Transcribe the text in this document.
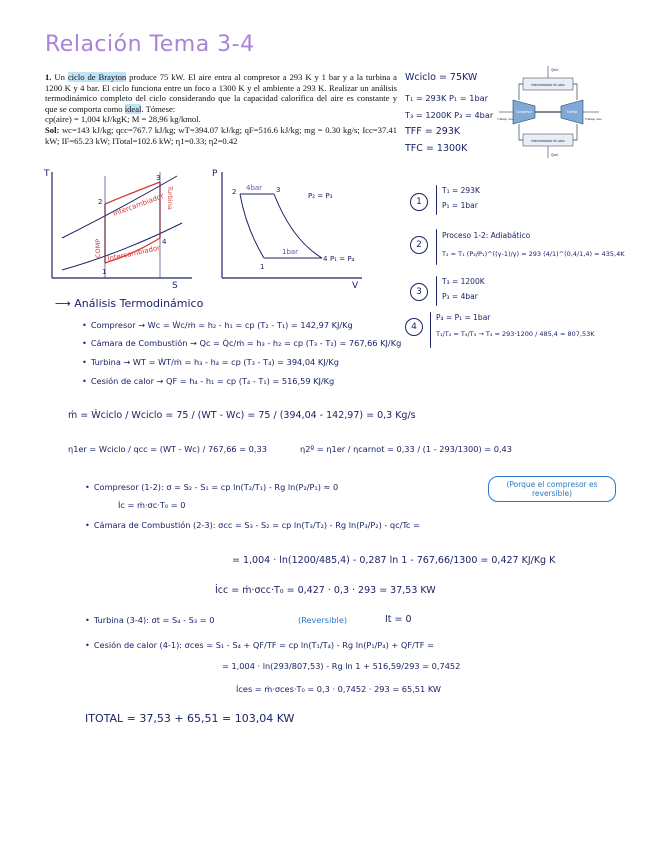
Relación Tema 3-4
1. Un ciclo de Brayton produce 75 kW. El aire entra al compresor a 293 K y 1 bar y a la turbina a 1200 K y 4 bar. El ciclo funciona entre un foco a 1300 K y el ambiente a 293 K. Realizar un análisis termodinámico completo del ciclo considerando que la capacidad calorífica del aire es constante y que se comporta como ideal. Tómese:
cp(aire) = 1,004 kJ/kgK; M = 28,96 kg/kmol.
Sol: wc=143 kJ/kg; qcc=767.7 kJ/kg; wT=394.07 kJ/kg; qF=516.6 kJ/kg; mg = 0.30 kg/s; Icc=37.41 kW; IF=65.23 kW; ITotal=102.6 kW; η1=0.33; η2=0.42
Wciclo = 75KW
T₁ = 293K P₁ = 1bar
T₃ = 1200K P₃ = 4bar
TFF = 293K
TFC = 1300K
Intercambiador de calor
Intercambiador de calor
Compresor	Turbina
Trabajo neto	Trabajo neto
Q̇ent
Q̇sal
T
S
Intercambiador
Intercambiador
COMP
Turbina
1
2
3
4
P
V
4bar
1bar
P₂ = P₃
P₁ = P₄
1
2	3
4
1
T₁ = 293K
P₁ = 1bar
2
Proceso 1-2: Adiabático
T₂ = T₁ (P₂/P₁)^((γ-1)/γ) = 293 (4/1)^(0,4/1,4) = 435,4K
3
T₃ = 1200K
P₃ = 4bar
4
P₄ = P₁ = 1bar
T₁/T₂ = T₄/T₃ → T₄ = 293·1200 / 485,4 = 807,53K
⟶ Análisis Termodinámico
• Compresor → Wc = Ẇc/ṁ = h₂ - h₁ = cp (T₂ - T₁) = 142,97 KJ/Kg
• Cámara de Combustión → Qc = Q̇c/ṁ = h₃ - h₂ = cp (T₃ - T₂) = 767,66 KJ/Kg
• Turbina → WT = ẆT/ṁ = h₃ - h₄ = cp (T₃ - T₄) = 394,04 KJ/Kg
• Cesión de calor → QF = h₄ - h₁ = cp (T₄ - T₁) = 516,59 KJ/Kg
ṁ = Ẇciclo / Wciclo = 75 / (WT - Wc) = 75 / (394,04 - 142,97) = 0,3 Kg/s
η1er = Wciclo / qcc = (WT - Wc) / 767,66 = 0,33	η2º = η1er / ηcarnot = 0,33 / (1 - 293/1300) = 0,43
• Compresor (1-2): σ = S₂ - S₁ = cp ln(T₂/T₁) - Rg ln(P₂/P₁) ≈ 0
İc = ṁ·σc·T₀ = 0
(Porque el compresor es reversible)
• Cámara de Combustión (2-3): σcc = S₃ - S₂ = cp ln(T₃/T₂) - Rg ln(P₃/P₂) - qc/Tc =
= 1,004 · ln(1200/485,4) - 0,287 ln 1 - 767,66/1300 = 0,427 KJ/Kg K
İcc = ṁ·σcc·T₀ = 0,427 · 0,3 · 293 = 37,53 KW
• Turbina (3-4): σt = S₄ - S₃ = 0	(Reversible)	It = 0
• Cesión de calor (4-1): σces = S₁ - S₄ + QF/TF = cp ln(T₁/T₄) - Rg ln(P₁/P₄) + QF/TF =
= 1,004 · ln(293/807,53) - Rg ln 1 + 516,59/293 = 0,7452
İces = ṁ·σces·T₀ = 0,3 · 0,7452 · 293 = 65,51 KW
ITOTAL = 37,53 + 65,51 = 103,04 KW
